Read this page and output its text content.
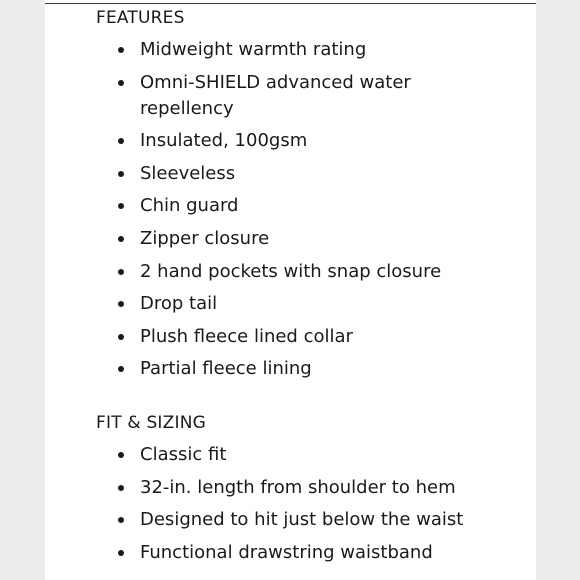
FEATURES
Midweight warmth rating
Omni-SHIELD advanced water
repellency
Insulated, 100gsm
Sleeveless
Chin guard
Zipper closure
2 hand pockets with snap closure
Drop tail
Plush fleece lined collar
Partial fleece lining
FIT & SIZING
Classic fit
32-in. length from shoulder to hem
Designed to hit just below the waist
Functional drawstring waistband
